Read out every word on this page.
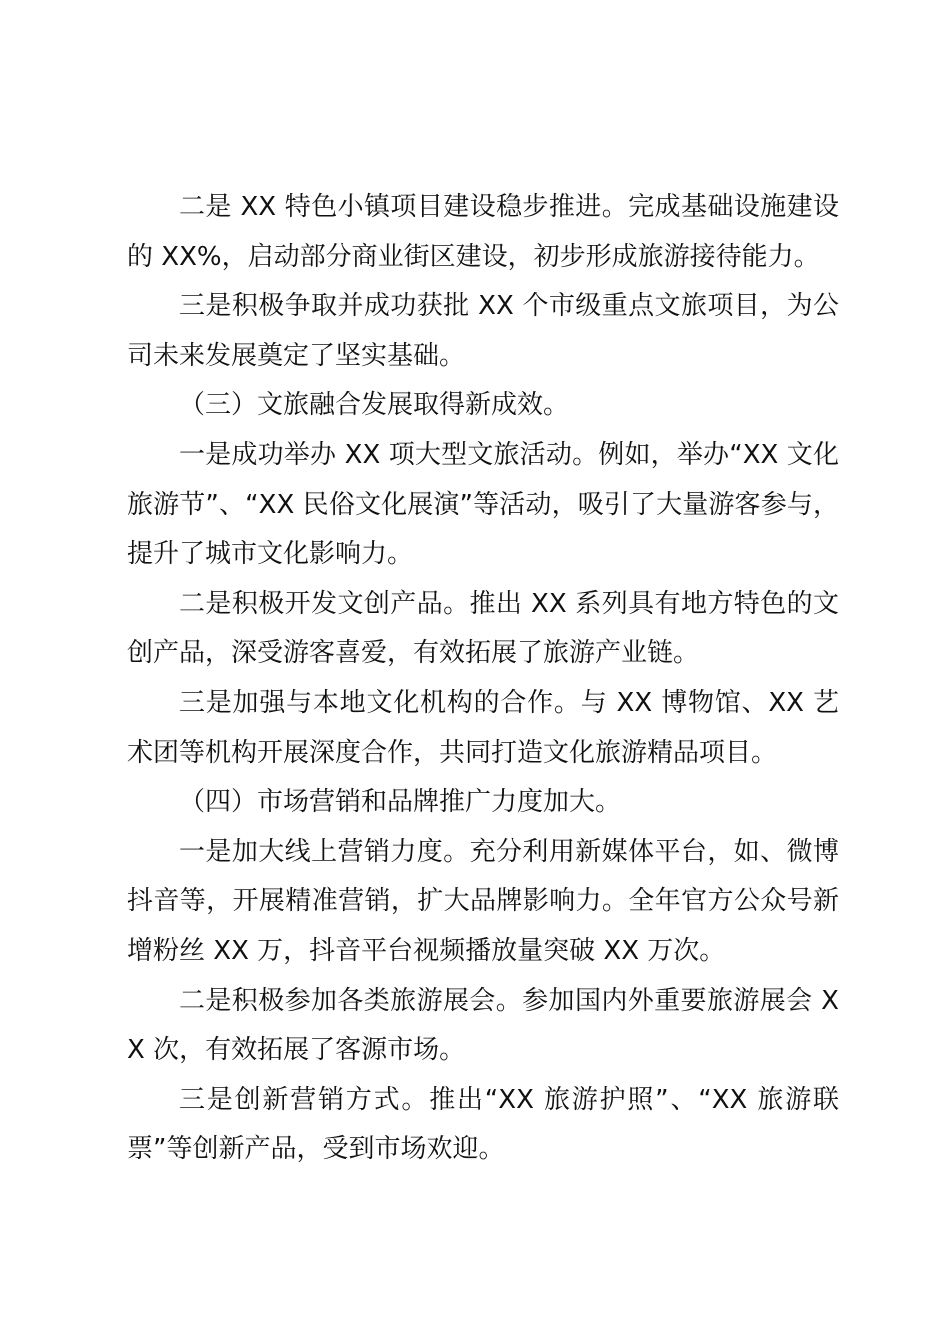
二是 XX 特色小镇项目建设稳步推进。完成基础设施建设的 XX%，启动部分商业街区建设，初步形成旅游接待能力。

三是积极争取并成功获批 XX 个市级重点文旅项目，为公司未来发展奠定了坚实基础。

（三）文旅融合发展取得新成效。

一是成功举办 XX 项大型文旅活动。例如，举办“XX 文化旅游节”、“XX 民俗文化展演”等活动，吸引了大量游客参与，提升了城市文化影响力。

二是积极开发文创产品。推出 XX 系列具有地方特色的文创产品，深受游客喜爱，有效拓展了旅游产业链。

三是加强与本地文化机构的合作。与 XX 博物馆、XX 艺术团等机构开展深度合作，共同打造文化旅游精品项目。

（四）市场营销和品牌推广力度加大。

一是加大线上营销力度。充分利用新媒体平台，如、微博抖音等，开展精准营销，扩大品牌影响力。全年官方公众号新增粉丝 XX 万，抖音平台视频播放量突破 XX 万次。

二是积极参加各类旅游展会。参加国内外重要旅游展会 XX 次，有效拓展了客源市场。

三是创新营销方式。推出“XX 旅游护照”、“XX 旅游联票”等创新产品，受到市场欢迎。
